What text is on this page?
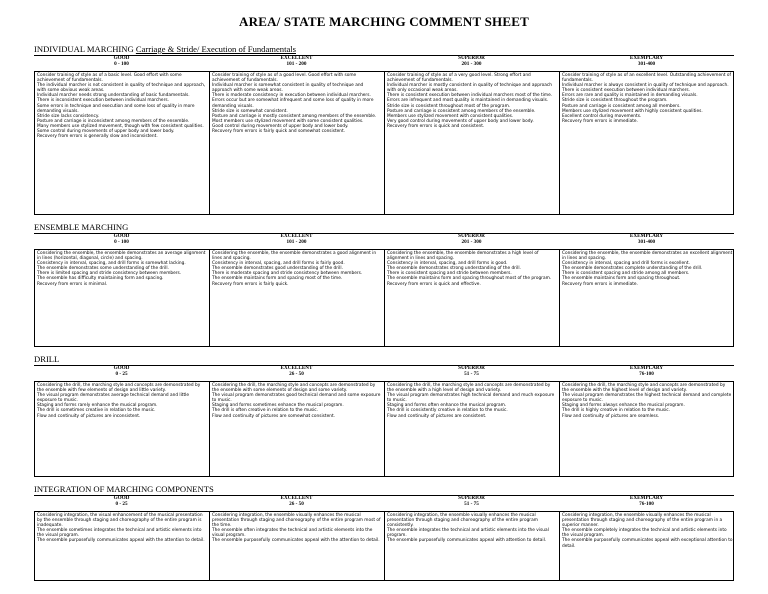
AREA/ STATE MARCHING COMMENT SHEET
INDIVIDUAL MARCHING Carriage & Stride/ Execution of Fundamentals
GOOD
0 - 100
EXCELLENT
101 - 200
SUPERIOR
201 - 300
EXEMPLARY
301-400

Consider training of style as of a basic level. Good effort with some achievement of fundamentals.

The individual marcher is not consistent in quality of technique and approach, with some obvious weak areas.

Individual marcher needs strong understanding of basic fundamentals.

There is inconsistent execution between individual marchers.

Some errors in technique and execution and some loss of quality in more demanding visuals.

Stride size lacks consistency.

Posture and carriage is inconsistent among members of the ensemble.

Many members use stylized movement, though with few consistent qualities.

Some control during movements of upper body and lower body.

Recovery from errors is generally slow and inconsistent.

Consider training of style as of a good level. Good effort with some achievement of fundamentals.

Individual marcher is somewhat consistent in quality of technique and approach with some weak areas.

There is moderate consistency in execution between individual marchers.

Errors occur but are somewhat infrequent and some loss of quality in more demanding visuals.

Stride size is somewhat consistent.

Posture and carriage is mostly consistent among members of the ensemble.

Most members use stylized movement with some consistent qualities.

Good control during movements of upper body and lower body.

Recovery from errors is fairly quick and somewhat consistent.

Consider training of style as of a very good level. Strong effort and achievement of fundamentals.

Individual marcher is mostly consistent in quality of technique and approach with only occasional weak areas.

There is consistent execution between individual marchers most of the time.

Errors are infrequent and most quality is maintained in demanding visuals.

Stride size is consistent throughout most of the program.

Posture and carriage is consistent among members of the ensemble.

Members use stylized movement with consistent qualities.

Very good control during movements of upper body and lower body.

Recovery from errors is quick and consistent.

Consider training of style as of an excellent level. Outstanding achievement of fundamentals.

Individual marcher is always consistent in quality of technique and approach.

There is consistent execution between individual marchers.

Errors are rare and quality is maintained in demanding visuals.

Stride size is consistent throughout the program.

Posture and carriage is consistent among all members.

Members use stylized movement with highly consistent qualities.

Excellent control during movements.

Recovery from errors is immediate.

ENSEMBLE MARCHING
GOOD
0 - 100
EXCELLENT
101 - 200
SUPERIOR
201 - 300
EXEMPLARY
301-400

Considering the ensemble, the ensemble demonstrates an average alignment in lines (horizontal, diagonal, circle) and spacing.

Consistency in interval, spacing, and drill forms is somewhat lacking.

The ensemble demonstrates some understanding of the drill.

There is limited spacing and stride consistency between members.

The ensemble has difficulty maintaining form and spacing.

Recovery from errors is minimal.

Considering the ensemble, the ensemble demonstrates a good alignment in lines and spacing.

Consistency in interval, spacing, and drill forms is fairly good.

The ensemble demonstrates good understanding of the drill.

There is moderate spacing and stride consistency between members.

The ensemble maintains form and spacing most of the time.

Recovery from errors is fairly quick.

Considering the ensemble, the ensemble demonstrates a high level of alignment in lines and spacing.

Consistency in interval, spacing, and drill forms is good.

The ensemble demonstrates strong understanding of the drill.

There is consistent spacing and stride between members.

The ensemble maintains form and spacing throughout most of the program.

Recovery from errors is quick and effective.

Considering the ensemble, the ensemble demonstrates an excellent alignment in lines and spacing.

Consistency in interval, spacing and drill forms is excellent.

The ensemble demonstrates complete understanding of the drill.

There is consistent spacing and stride among all members.

The ensemble maintains form and spacing throughout.

Recovery from errors is immediate.

DRILL
GOOD
0 - 25
EXCELLENT
26 - 50
SUPERIOR
51 - 75
EXEMPLARY
76-100

Considering the drill, the marching style and concepts are demonstrated by the ensemble with few elements of design and little variety.

The visual program demonstrates average technical demand and little exposure to music.

Staging and forms rarely enhance the musical program.

The drill is sometimes creative in relation to the music.

Flow and continuity of pictures are inconsistent.

Considering the drill, the marching style and concepts are demonstrated by the ensemble with some elements of design and some variety.

The visual program demonstrates good technical demand and some exposure to music.

Staging and forms sometimes enhance the musical program.

The drill is often creative in relation to the music.

Flow and continuity of pictures are somewhat consistent.

Considering the drill, the marching style and concepts are demonstrated by the ensemble with a high level of design and variety.

The visual program demonstrates high technical demand and much exposure to music.

Staging and forms often enhance the musical program.

The drill is consistently creative in relation to the music.

Flow and continuity of pictures are consistent.

Considering the drill, the marching style and concepts are demonstrated by the ensemble with the highest level of design and variety.

The visual program demonstrates the highest technical demand and complete exposure to music.

Staging and forms always enhance the musical program.

The drill is highly creative in relation to the music.

Flow and continuity of pictures are seamless.

INTEGRATION OF MARCHING COMPONENTS
GOOD
0 - 25
EXCELLENT
26 - 50
SUPERIOR
51 - 75
EXEMPLARY
76-100

Considering integration, the visual enhancement of the musical presentation by the ensemble through staging and choreography of the entire program is inadequate.

The ensemble sometimes integrates the technical and artistic elements into the visual program.

The ensemble purposefully communicates appeal with the attention to detail.

Considering integration, the ensemble visually enhances the musical presentation through staging and choreography of the entire program most of the time.

The ensemble often integrates the technical and artistic elements into the visual program.

The ensemble purposefully communicates appeal with the attention to detail.

Considering integration, the ensemble visually enhances the musical presentation through staging and choreography of the entire program consistently.

The ensemble integrates the technical and artistic elements into the visual program.

The ensemble purposefully communicates appeal with attention to detail.

Considering integration, the ensemble visually enhances the musical presentation through staging and choreography of the entire program in a superior manner.

The ensemble completely integrates the technical and artistic elements into the visual program.

The ensemble purposefully communicates appeal with exceptional attention to detail.
